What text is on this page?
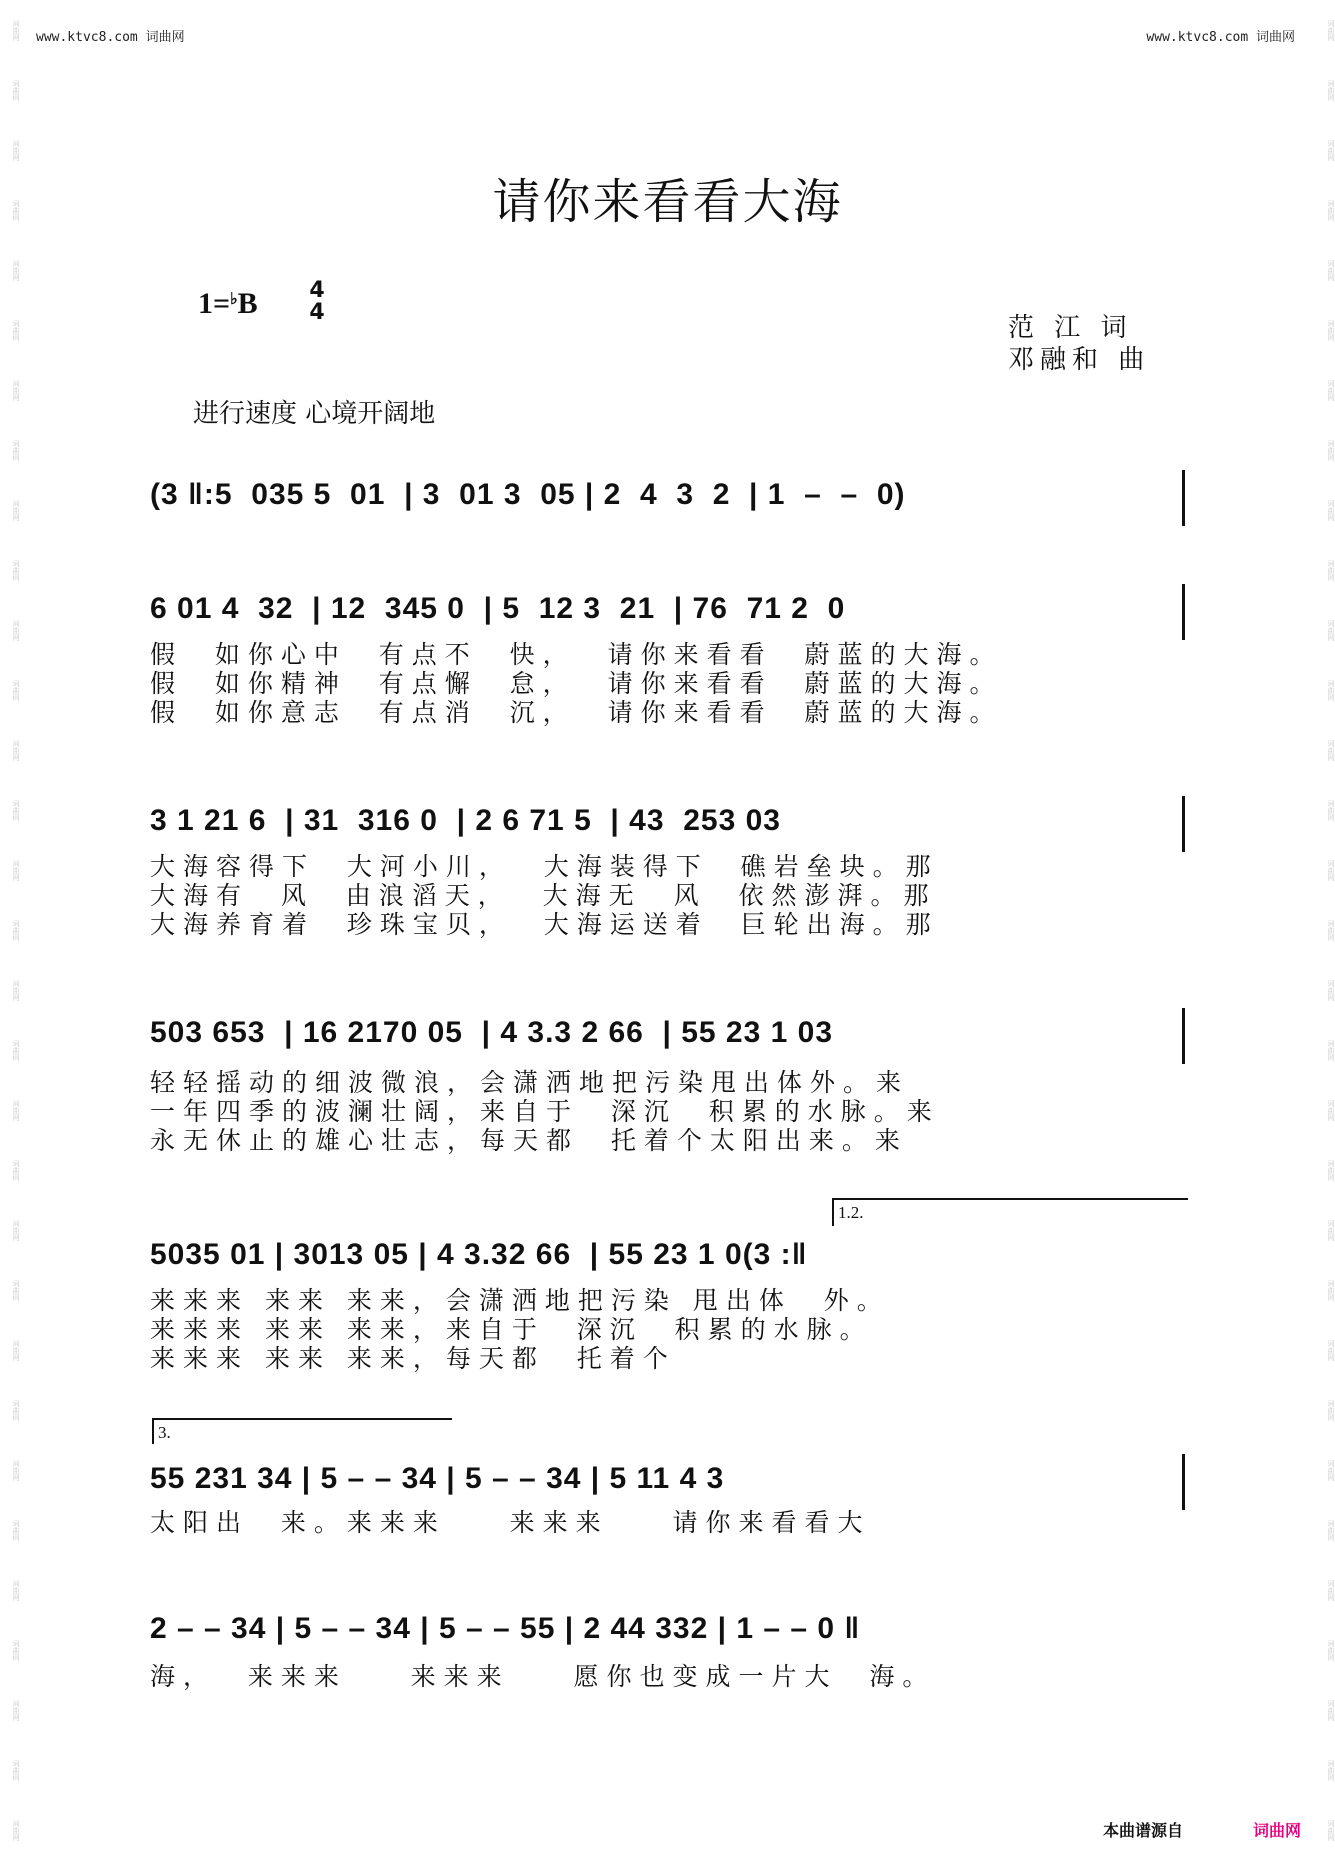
词曲网
词曲网
词曲网
词曲网
词曲网
词曲网
词曲网
词曲网
词曲网
词曲网
词曲网
词曲网
词曲网
词曲网
词曲网
词曲网
词曲网
词曲网
词曲网
词曲网
词曲网
词曲网
词曲网
词曲网
词曲网
词曲网
词曲网
词曲网
词曲网
词曲网
词曲网
词曲网
词曲网
词曲网
词曲网
词曲网
词曲网
词曲网
词曲网
词曲网
词曲网
词曲网
词曲网
词曲网
词曲网
词曲网
词曲网
词曲网
词曲网
词曲网
词曲网
词曲网
词曲网
词曲网
词曲网
词曲网
词曲网
词曲网
词曲网
词曲网
词曲网
词曲网
www.ktvc8.com 词曲网	www.ktvc8.com 词曲网
请你来看看大海
1=♭B 4
4
范 江 词
邓融和 曲
进行速度 心境开阔地
(3 ‖:5  035 5  01  | 3  01 3  05 | 2  4  3  2  | 1  –  –  0)
6 01 4  32  | 12  345 0  | 5  12 3  21  | 76  71 2  0
假  如你心中  有点不  快，  请你来看看  蔚蓝的大海。
假  如你精神  有点懈  怠，  请你来看看  蔚蓝的大海。
假  如你意志  有点消  沉，  请你来看看  蔚蓝的大海。
3 1 21 6  | 31  316 0  | 2 6 71 5  | 43  253 03
大海容得下  大河小川，  大海装得下  礁岩垒块。那
大海有  风  由浪滔天，  大海无  风  依然澎湃。那
大海养育着  珍珠宝贝，  大海运送着  巨轮出海。那
503 653  | 16 2170 05  | 4 3.3 2 66  | 55 23 1 03
轻轻摇动的细波微浪，会潇洒地把污染甩出体外。来
一年四季的波澜壮阔，来自于  深沉  积累的水脉。来
永无休止的雄心壮志，每天都  托着个太阳出来。来
1.2.
5035 01 | 3013 05 | 4 3.32 66  | 55 23 1 0(3 :‖
来来来 来来 来来，会潇洒地把污染 甩出体  外。
来来来 来来 来来，来自于  深沉  积累的水脉。
来来来 来来 来来，每天都  托着个
3.
55 231 34 | 5 – – 34 | 5 – – 34 | 5 11 4 3
太阳出  来。来来来    来来来    请你来看看大
2 – – 34 | 5 – – 34 | 5 – – 55 | 2 44 332 | 1 – – 0 ‖
海，  来来来    来来来    愿你也变成一片大  海。
本曲谱源自	词曲网
